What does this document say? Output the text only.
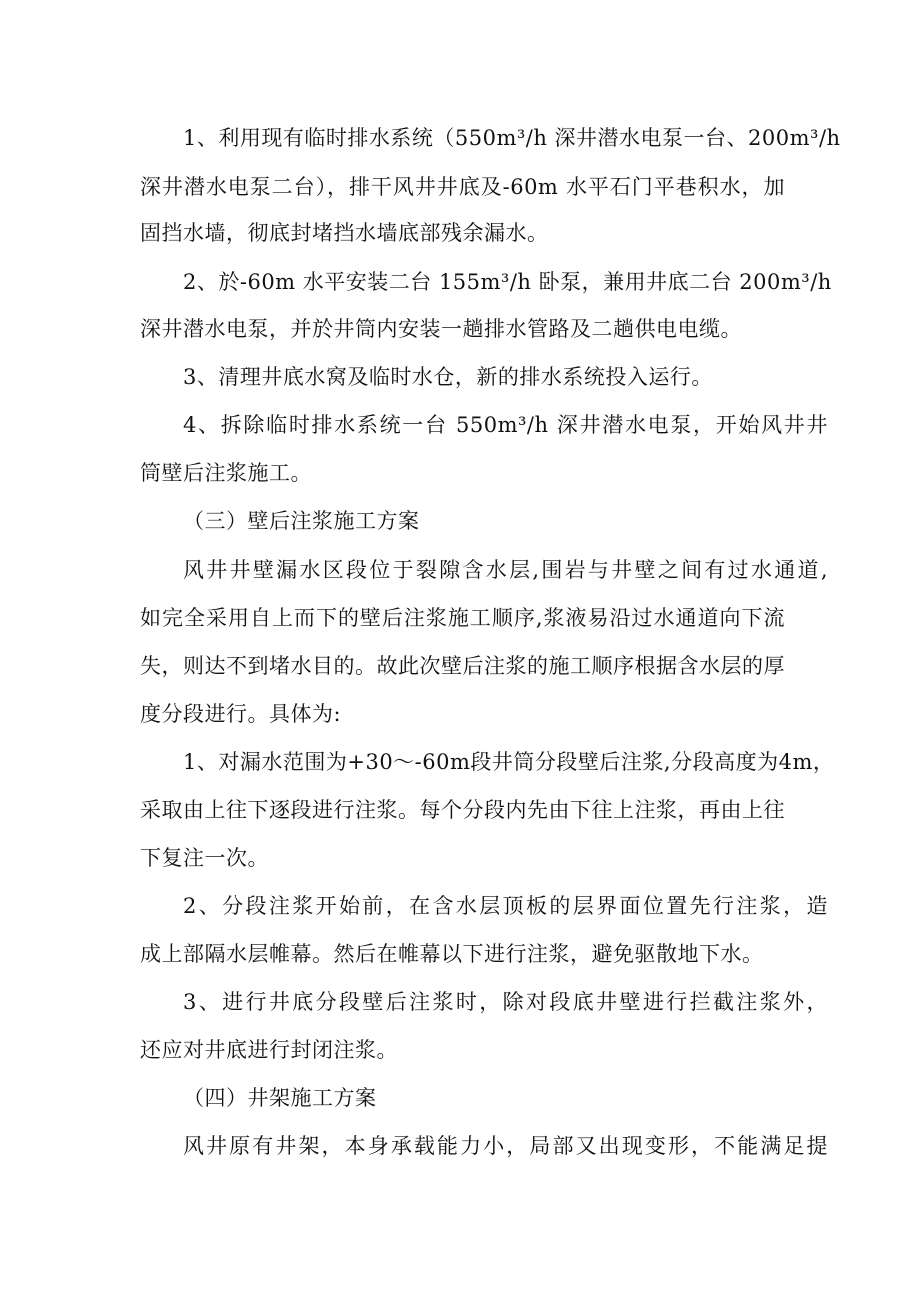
1、利用现有临时排水系统（550m³/h 深井潜水电泵一台、200m³/h
深井潜水电泵二台），排干风井井底及-60m 水平石门平巷积水，加
固挡水墙，彻底封堵挡水墙底部残余漏水。
2、於-60m 水平安装二台 155m³/h 卧泵，兼用井底二台 200m³/h
深井潜水电泵，并於井筒内安装一趟排水管路及二趟供电电缆。
3、清理井底水窝及临时水仓，新的排水系统投入运行。
4、拆除临时排水系统一台 550m³/h 深井潜水电泵，开始风井井
筒壁后注浆施工。
（三）壁后注浆施工方案
风井井壁漏水区段位于裂隙含水层,围岩与井壁之间有过水通道,
如完全采用自上而下的壁后注浆施工顺序,浆液易沿过水通道向下流
失，则达不到堵水目的。故此次壁后注浆的施工顺序根据含水层的厚
度分段进行。具体为:
1、对漏水范围为+30～-60m段井筒分段壁后注浆,分段高度为4m，
采取由上往下逐段进行注浆。每个分段内先由下往上注浆，再由上往
下复注一次。
2、分段注浆开始前，在含水层顶板的层界面位置先行注浆，造
成上部隔水层帷幕。然后在帷幕以下进行注浆，避免驱散地下水。
3、进行井底分段壁后注浆时，除对段底井壁进行拦截注浆外，
还应对井底进行封闭注浆。
（四）井架施工方案
风井原有井架，本身承载能力小，局部又出现变形，不能满足提
